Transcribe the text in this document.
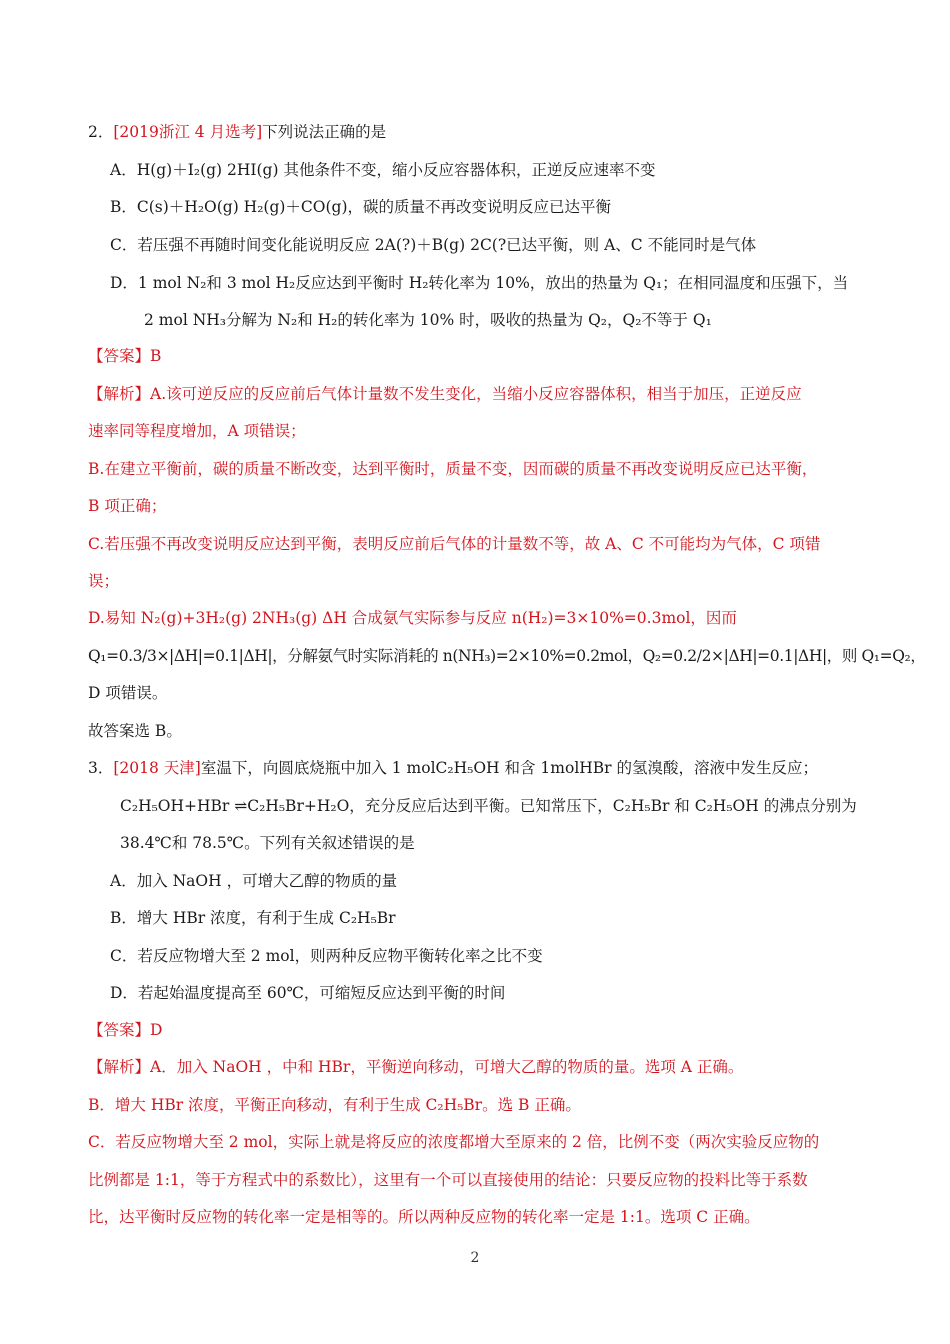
2．[2019浙江 4 月选考]下列说法正确的是
A．H(g)＋I₂(g) 2HI(g) 其他条件不变，缩小反应容器体积，正逆反应速率不变
B．C(s)＋H₂O(g) H₂(g)＋CO(g)，碳的质量不再改变说明反应已达平衡
C．若压强不再随时间变化能说明反应 2A(?)＋B(g) 2C(?已达平衡，则 A、C 不能同时是气体
D．1 mol N₂和 3 mol H₂反应达到平衡时 H₂转化率为 10%，放出的热量为 Q₁；在相同温度和压强下，当
2 mol NH₃分解为 N₂和 H₂的转化率为 10% 时，吸收的热量为 Q₂，Q₂不等于 Q₁
【答案】B
【解析】A.该可逆反应的反应前后气体计量数不发生变化，当缩小反应容器体积，相当于加压，正逆反应
速率同等程度增加，A 项错误；
B.在建立平衡前，碳的质量不断改变，达到平衡时，质量不变，因而碳的质量不再改变说明反应已达平衡，
B 项正确；
C.若压强不再改变说明反应达到平衡，表明反应前后气体的计量数不等，故 A、C 不可能均为气体，C 项错
误；
D.易知 N₂(g)+3H₂(g) 2NH₃(g) ΔH 合成氨气实际参与反应 n(H₂)=3×10%=0.3mol，因而
Q₁=0.3/3×|ΔH|=0.1|ΔH|，分解氨气时实际消耗的 n(NH₃)=2×10%=0.2mol，Q₂=0.2/2×|ΔH|=0.1|ΔH|，则 Q₁=Q₂，
D 项错误。
故答案选 B。
3．[2018 天津]室温下，向圆底烧瓶中加入 1 molC₂H₅OH 和含 1molHBr 的氢溴酸，溶液中发生反应；
C₂H₅OH+HBr ⇌C₂H₅Br+H₂O，充分反应后达到平衡。已知常压下，C₂H₅Br 和 C₂H₅OH 的沸点分别为
38.4℃和 78.5℃。下列有关叙述错误的是
A．加入 NaOH ，可增大乙醇的物质的量
B．增大 HBr 浓度，有利于生成 C₂H₅Br
C．若反应物增大至 2 mol，则两种反应物平衡转化率之比不变
D．若起始温度提高至 60℃，可缩短反应达到平衡的时间
【答案】D
【解析】A．加入 NaOH ，中和 HBr，平衡逆向移动，可增大乙醇的物质的量。选项 A 正确。
B．增大 HBr 浓度，平衡正向移动，有利于生成 C₂H₅Br。选 B 正确。
C．若反应物增大至 2 mol，实际上就是将反应的浓度都增大至原来的 2 倍，比例不变（两次实验反应物的
比例都是 1:1，等于方程式中的系数比），这里有一个可以直接使用的结论：只要反应物的投料比等于系数
比，达平衡时反应物的转化率一定是相等的。所以两种反应物的转化率一定是 1:1。选项 C 正确。
2
